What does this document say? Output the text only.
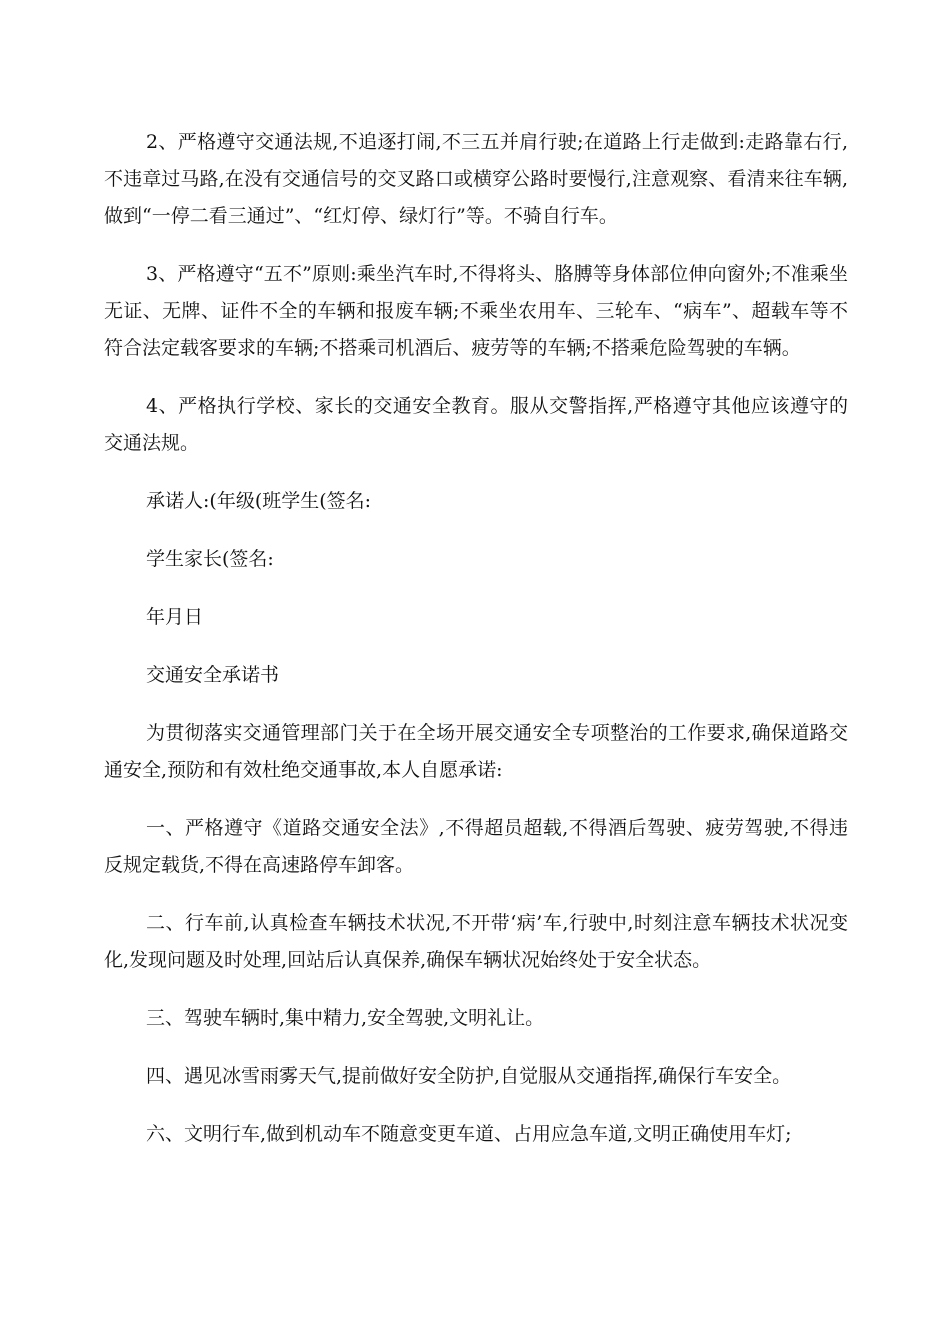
2、严格遵守交通法规,不追逐打闹,不三五并肩行驶;在道路上行走做到:走路靠右行,不违章过马路,在没有交通信号的交叉路口或横穿公路时要慢行,注意观察、看清来往车辆,做到“一停二看三通过”、“红灯停、绿灯行”等。不骑自行车。

3、严格遵守“五不”原则:乘坐汽车时,不得将头、胳膊等身体部位伸向窗外;不准乘坐无证、无牌、证件不全的车辆和报废车辆;不乘坐农用车、三轮车、“病车”、超载车等不符合法定载客要求的车辆;不搭乘司机酒后、疲劳等的车辆;不搭乘危险驾驶的车辆。

4、严格执行学校、家长的交通安全教育。服从交警指挥,严格遵守其他应该遵守的交通法规。

承诺人:(年级(班学生(签名:

学生家长(签名:

年月日

交通安全承诺书

为贯彻落实交通管理部门关于在全场开展交通安全专项整治的工作要求,确保道路交通安全,预防和有效杜绝交通事故,本人自愿承诺:

一、严格遵守《道路交通安全法》,不得超员超载,不得酒后驾驶、疲劳驾驶,不得违反规定载货,不得在高速路停车卸客。

二、行车前,认真检查车辆技术状况,不开带‘病’车,行驶中,时刻注意车辆技术状况变化,发现问题及时处理,回站后认真保养,确保车辆状况始终处于安全状态。

三、驾驶车辆时,集中精力,安全驾驶,文明礼让。

四、遇见冰雪雨雾天气,提前做好安全防护,自觉服从交通指挥,确保行车安全。

六、文明行车,做到机动车不随意变更车道、占用应急车道,文明正确使用车灯;
